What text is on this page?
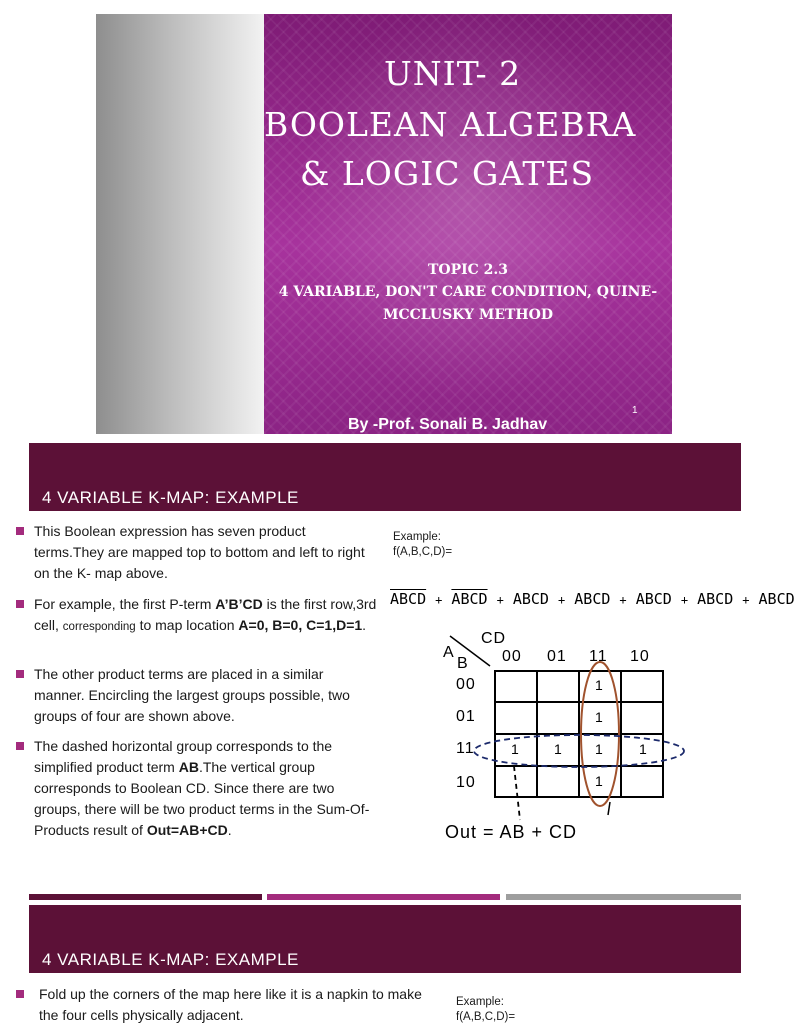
UNIT- 2
BOOLEAN ALGEBRA
& LOGIC GATES
TOPIC 2.3
4 VARIABLE, DON'T CARE CONDITION, QUINE-
MCCLUSKY METHOD
1
By -Prof. Sonali B. Jadhav
4 VARIABLE K-MAP: EXAMPLE
This Boolean expression has seven product terms.They are mapped top to bottom and left to right on the K- map above.
For example, the first P-term A’B’CD is the first row,3rd cell, corresponding to map location A=0, B=0, C=1,D=1.
The other product terms are placed in a similar manner. Encircling the largest groups possible, two groups of four are shown above.
The dashed horizontal group corresponds to the simplified product term AB.The vertical group corresponds to Boolean CD. Since there are two groups, there will be two product terms in the Sum-Of- Products result of Out=AB+CD.
Example:
f(A,B,C,D)=
ABCD + ABCD + ABCD + ABCD + ABCD + ABCD + ABCD
CD
A
B 00 01 11 10
00
01
11
10
1
1
1	1 1	1
1
Out = AB + CD
4 VARIABLE K-MAP: EXAMPLE
Fold up the corners of the map here like it is a napkin to make the four cells physically adjacent.
Example:
f(A,B,C,D)=
